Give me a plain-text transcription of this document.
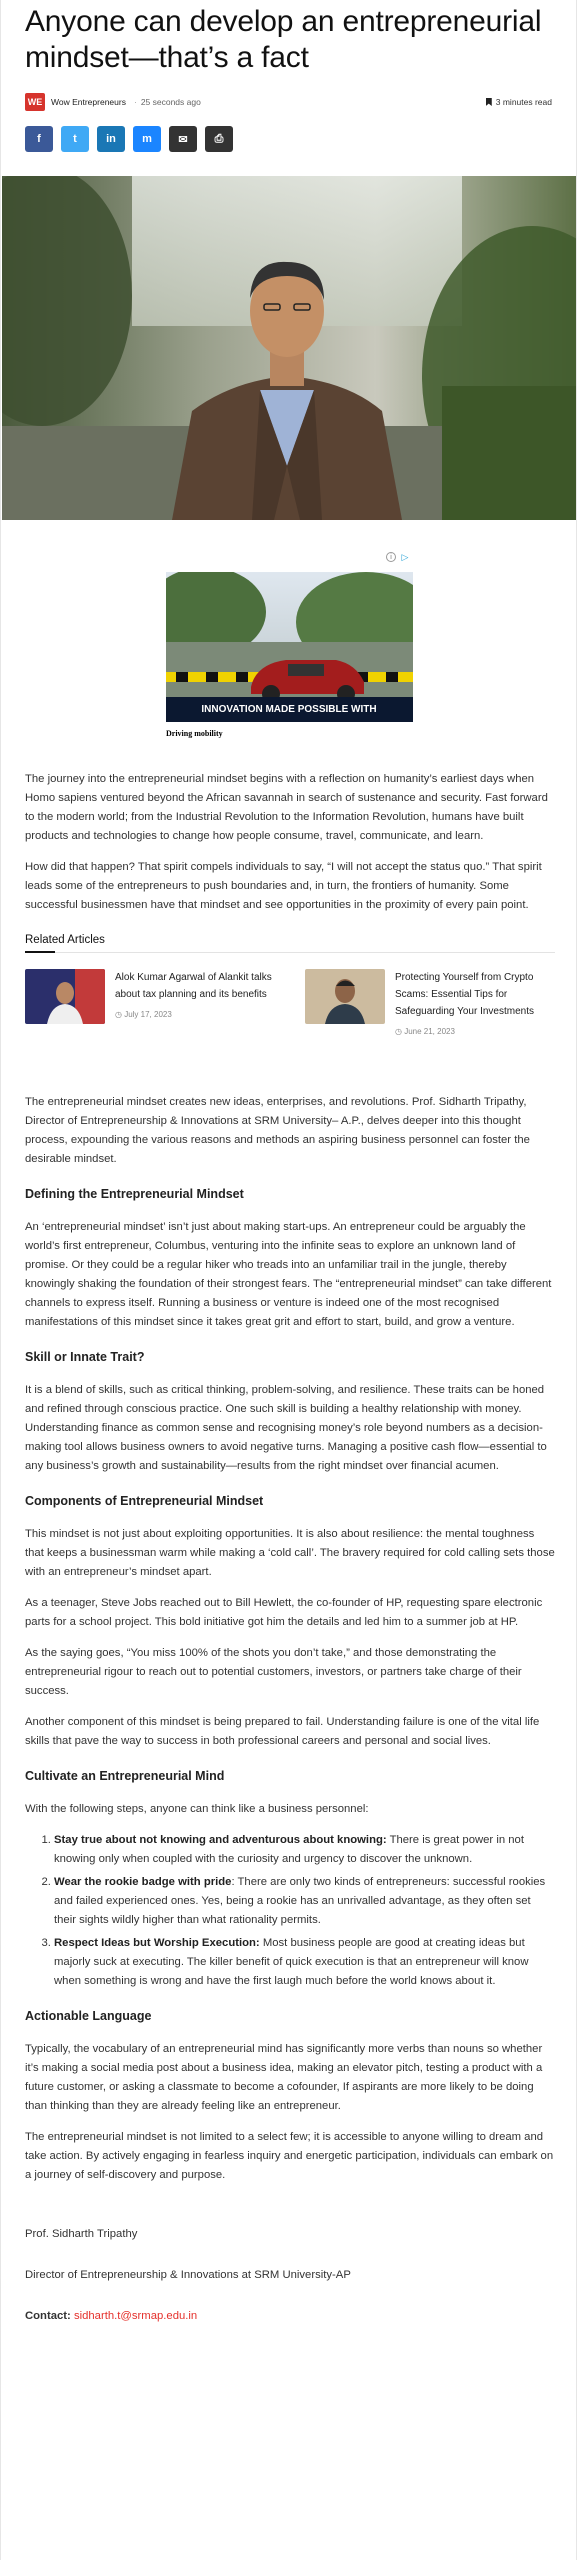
Anyone can develop an entrepreneurial mindset—that’s a fact
WE	Wow Entrepreneurs · 25 seconds ago	3 minutes read
f	t	in m ✉ ⎙
i	▷
INNOVATION MADE POSSIBLE WITH
Driving mobility

The journey into the entrepreneurial mindset begins with a reflection on humanity’s earliest days when Homo sapiens ventured beyond the African savannah in search of sustenance and security. Fast forward to the modern world; from the Industrial Revolution to the Information Revolution, humans have built products and technologies to change how people consume, travel, communicate, and learn.

How did that happen? That spirit compels individuals to say, “I will not accept the status quo.” That spirit leads some of the entrepreneurs to push boundaries and, in turn, the frontiers of humanity. Some successful businessmen have that mindset and see opportunities in the proximity of every pain point.

Related Articles
Alok Kumar Agarwal of Alankit talks about tax planning and its benefits
◷ July 17, 2023
Protecting Yourself from Crypto Scams: Essential Tips for Safeguarding Your Investments
◷ June 21, 2023

The entrepreneurial mindset creates new ideas, enterprises, and revolutions. Prof. Sidharth Tripathy, Director of Entrepreneurship & Innovations at SRM University– A.P., delves deeper into this thought process, expounding the various reasons and methods an aspiring business personnel can foster the desirable mindset.

Defining the Entrepreneurial Mindset

An ‘entrepreneurial mindset’ isn’t just about making start-ups. An entrepreneur could be arguably the world’s first entrepreneur, Columbus, venturing into the infinite seas to explore an unknown land of promise. Or they could be a regular hiker who treads into an unfamiliar trail in the jungle, thereby knowingly shaking the foundation of their strongest fears. The “entrepreneurial mindset” can take different channels to express itself. Running a business or venture is indeed one of the most recognised manifestations of this mindset since it takes great grit and effort to start, build, and grow a venture.

Skill or Innate Trait?

It is a blend of skills, such as critical thinking, problem-solving, and resilience. These traits can be honed and refined through conscious practice. One such skill is building a healthy relationship with money. Understanding finance as common sense and recognising money’s role beyond numbers as a decision-making tool allows business owners to avoid negative turns. Managing a positive cash flow—essential to any business’s growth and sustainability—results from the right mindset over financial acumen.

Components of Entrepreneurial Mindset

This mindset is not just about exploiting opportunities. It is also about resilience: the mental toughness that keeps a businessman warm while making a ‘cold call’. The bravery required for cold calling sets those with an entrepreneur’s mindset apart.

As a teenager, Steve Jobs reached out to Bill Hewlett, the co-founder of HP, requesting spare electronic parts for a school project. This bold initiative got him the details and led him to a summer job at HP.

As the saying goes, “You miss 100% of the shots you don’t take,” and those demonstrating the entrepreneurial rigour to reach out to potential customers, investors, or partners take charge of their success.

Another component of this mindset is being prepared to fail. Understanding failure is one of the vital life skills that pave the way to success in both professional careers and personal and social lives.

Cultivate an Entrepreneurial Mind

With the following steps, anyone can think like a business personnel:

1. Stay true about not knowing and adventurous about knowing: There is great power in not knowing only when coupled with the curiosity and urgency to discover the unknown.
2. Wear the rookie badge with pride: There are only two kinds of entrepreneurs: successful rookies and failed experienced ones. Yes, being a rookie has an unrivalled advantage, as they often set their sights wildly higher than what rationality permits.
3. Respect Ideas but Worship Execution: Most business people are good at creating ideas but majorly suck at executing. The killer benefit of quick execution is that an entrepreneur will know when something is wrong and have the first laugh much before the world knows about it.
Actionable Language

Typically, the vocabulary of an entrepreneurial mind has significantly more verbs than nouns so whether it’s making a social media post about a business idea, making an elevator pitch, testing a product with a future customer, or asking a classmate to become a cofounder, If aspirants are more likely to be doing than thinking than they are already feeling like an entrepreneur.

The entrepreneurial mindset is not limited to a select few; it is accessible to anyone willing to dream and take action. By actively engaging in fearless inquiry and energetic participation, individuals can embark on a journey of self-discovery and purpose.

Prof. Sidharth Tripathy

Director of Entrepreneurship & Innovations at SRM University-AP

Contact: sidharth.t@srmap.edu.in
